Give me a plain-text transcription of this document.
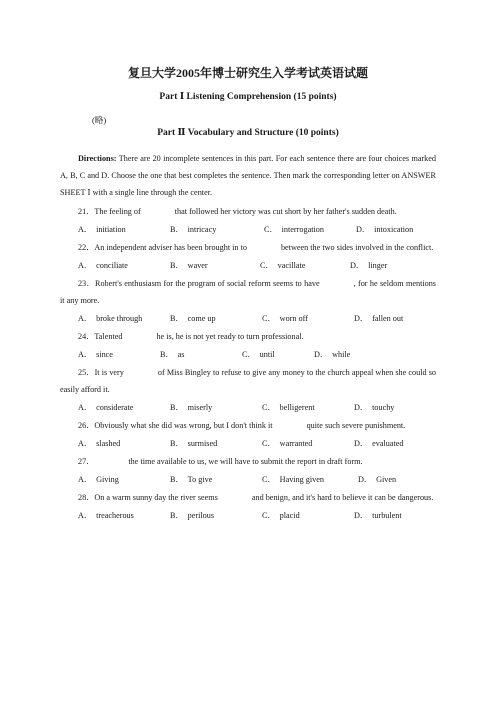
复旦大学2005年博士研究生入学考试英语试题
Part Ⅰ Listening Comprehension (15 points)
(略)
Part Ⅱ Vocabulary and Structure (10 points)
Directions: There are 20 incomplete sentences in this part. For each sentence there are four choices marked A, B, C and D. Choose the one that best completes the sentence. Then mark the corresponding letter on ANSWER SHEET Ⅰ with a single line through the center.

21．The feeling of	that followed her victory was cut short by her father's sudden death.

A． initiation	B． intricacy	C． interrogation	D． intoxication

22．An independent adviser has been brought in to	between the two sides involved in the conflict.

A． conciliate	B． waver	C． vacillate	D． linger

23．Robert's enthusiasm for the program of social reform seems to have	, for he seldom mentions it any more.

A． broke through	B． come up	C． worn off	D． fallen out

24．Talented	he is, he is not yet ready to turn professional.

A． since	B． as	C． until	D． while

25．It is very	of Miss Bingley to refuse to give any money to the church appeal when she could so easily afford it.

A． considerate	B． miserly	C． belligerent	D． touchy

26．Obviously what she did was wrong, but I don't think it	quite such severe punishment.

A． slashed	B． surmised	C． warranted	D． evaluated

27．	the time available to us, we will have to submit the report in draft form.

A． Giving	B． To give	C． Having given	D． Given

28．On a warm sunny day the river seems	and benign, and it's hard to believe it can be dangerous.

A． treacherous	B． perilous	C． placid	D． turbulent
